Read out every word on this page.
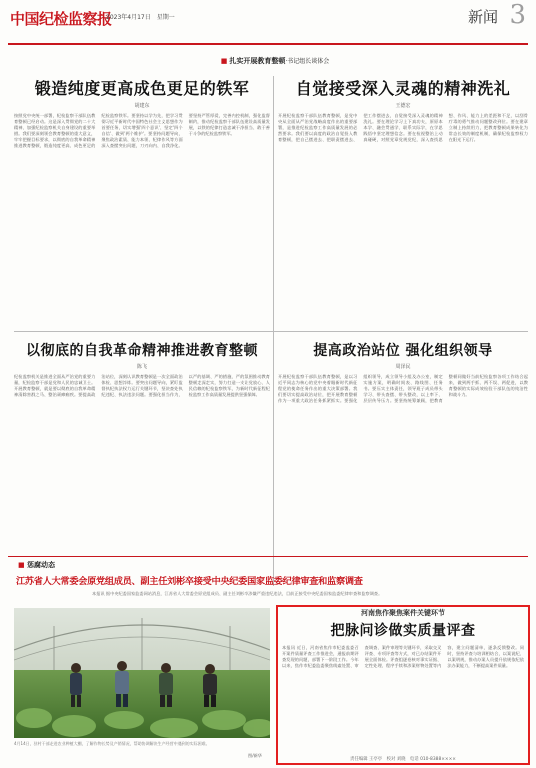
中国纪检监察报
2023年4月17日　星期一	新闻 3
■ 扎实开展教育整顿·书记组长谈体会
锻造纯度更高成色更足的铁军
胡建东
按照党中央统一部署，纪检监察干部队伍教育整顿已经启动。这是深入贯彻党的二十大精神、加强纪检监察机关自身建设的重要举措。我们要深刻领会教育整顿的重大意义，牢牢把握目标要求，以彻底的自我革命精神推进教育整顿，锻造纯度更高、成色更足的纪检监察铁军。要坚持以学为先，把学习贯彻习近平新时代中国特色社会主义思想作为首要任务，切实增强'四个意识'、坚定'四个自信'、做到'两个维护'。要坚持问题导向，聚焦政治素质、能力本领、纪律作风等方面深入查摆突出问题，刀刃向内、自我净化。要坚持严管厚爱，完善内控机制，强化监督制约，推动纪检监察干部队伍建设高质量发展，以铁的纪律打造忠诚干净担当、敢于善于斗争的纪检监察铁军。
自觉接受深入灵魂的精神洗礼
王德宏
开展纪检监察干部队伍教育整顿，是党中央从全面从严治党战略高度作出的重要部署，是推进纪检监察工作高质量发展的必然要求。我们要以高度的政治自觉投入教育整顿，把自己摆进去、把职责摆进去、把工作摆进去，自觉接受深入灵魂的精神洗礼。要在理论学习上下真功夫，原原本本学、融会贯通学、联系实际学，在学思践悟中坚定理想信念。要在检视整治上动真碰硬，对照党章党规党纪，深入查找思想、作风、能力上的差距和不足，以刮骨疗毒的勇气推动问题整改到位。要在建章立制上持续用力，把教育整顿成果转化为常态长效的制度机制，确保纪检监察权力在阳光下运行。
以彻底的自我革命精神推进教育整顿
陈飞
纪检监察机关是推进全面从严治党的重要力量，纪检监察干部是党和人民的忠诚卫士。开展教育整顿，就是要以彻底的自我革命精神清除害群之马、整治顽瘴痼疾。要提高政治站位，深刻认识教育整顿是一次全面政治体检、思想淬炼。要突出问题导向，紧盯监督执纪执法权力运行关键环节，坚决查处执纪违纪、执法违法问题。要强化担当作为，以严的基调、严的措施、严的氛围推动教育整顿走深走实，努力打造一支让党放心、人民信赖的纪检监察铁军，为新时代新征程纪检监察工作高质量发展提供坚强保障。
提高政治站位 强化组织领导
周泽民
开展纪检监察干部队伍教育整顿，是以习近平同志为核心的党中央着眼新时代新征程党的使命任务作出的重大决策部署。我们要切实提高政治站位，把开展教育整顿作为一项重大政治任务抓紧抓实。要强化组织领导，成立领导小组及办公室，制定实施方案，明确时间表、路线图、任务书。要压实主体责任，领导班子成员带头学习、带头查摆、带头整改，以上率下、层层传导压力。要坚持统筹兼顾，把教育整顿同做好当前纪检监察各项工作结合起来，做到两手抓、两不误、两促进，以教育整顿的实际成效检验干部队伍的纯洁性和战斗力。
■ 惩腐动态
江苏省人大常委会原党组成员、副主任刘彬卒接受中央纪委国家监委纪律审查和监察调查
本报讯 据中央纪委国家监委网站消息，江苏省人大常委会原党组成员、副主任刘彬卒涉嫌严重违纪违法，目前正接受中央纪委国家监委纪律审查和监察调查。
4月14日，驻村干部走进农业种植大棚，了解作物长势及产销情况，帮助协调解决生产经营中遇到的实际困难。
图/新华
河南焦作聚焦案件关键环节
把脉问诊做实质量评查
本报讯 近日，河南省焦作市纪委监委召开案件质量评查工作推进会，通报前期评查发现的问题，部署下一阶段工作。今年以来，焦作市纪委监委聚焦线索处置、审查调查、案件审理等关键环节，采取交叉评查、专项评查等方式，对已办结案件开展全面体检。评查组逐卷核对事实证据、定性处理、程序手续和涉案财物处置等内容，建立问题清单，逐条反馈整改。同时，坚持评查与培训相结合，以案说纪、以案明规，推动办案人员提升依规依纪依法办案能力，不断提高案件质量。
责任编辑 王亭亭　校对 刘晓　电话 010-8388××××
